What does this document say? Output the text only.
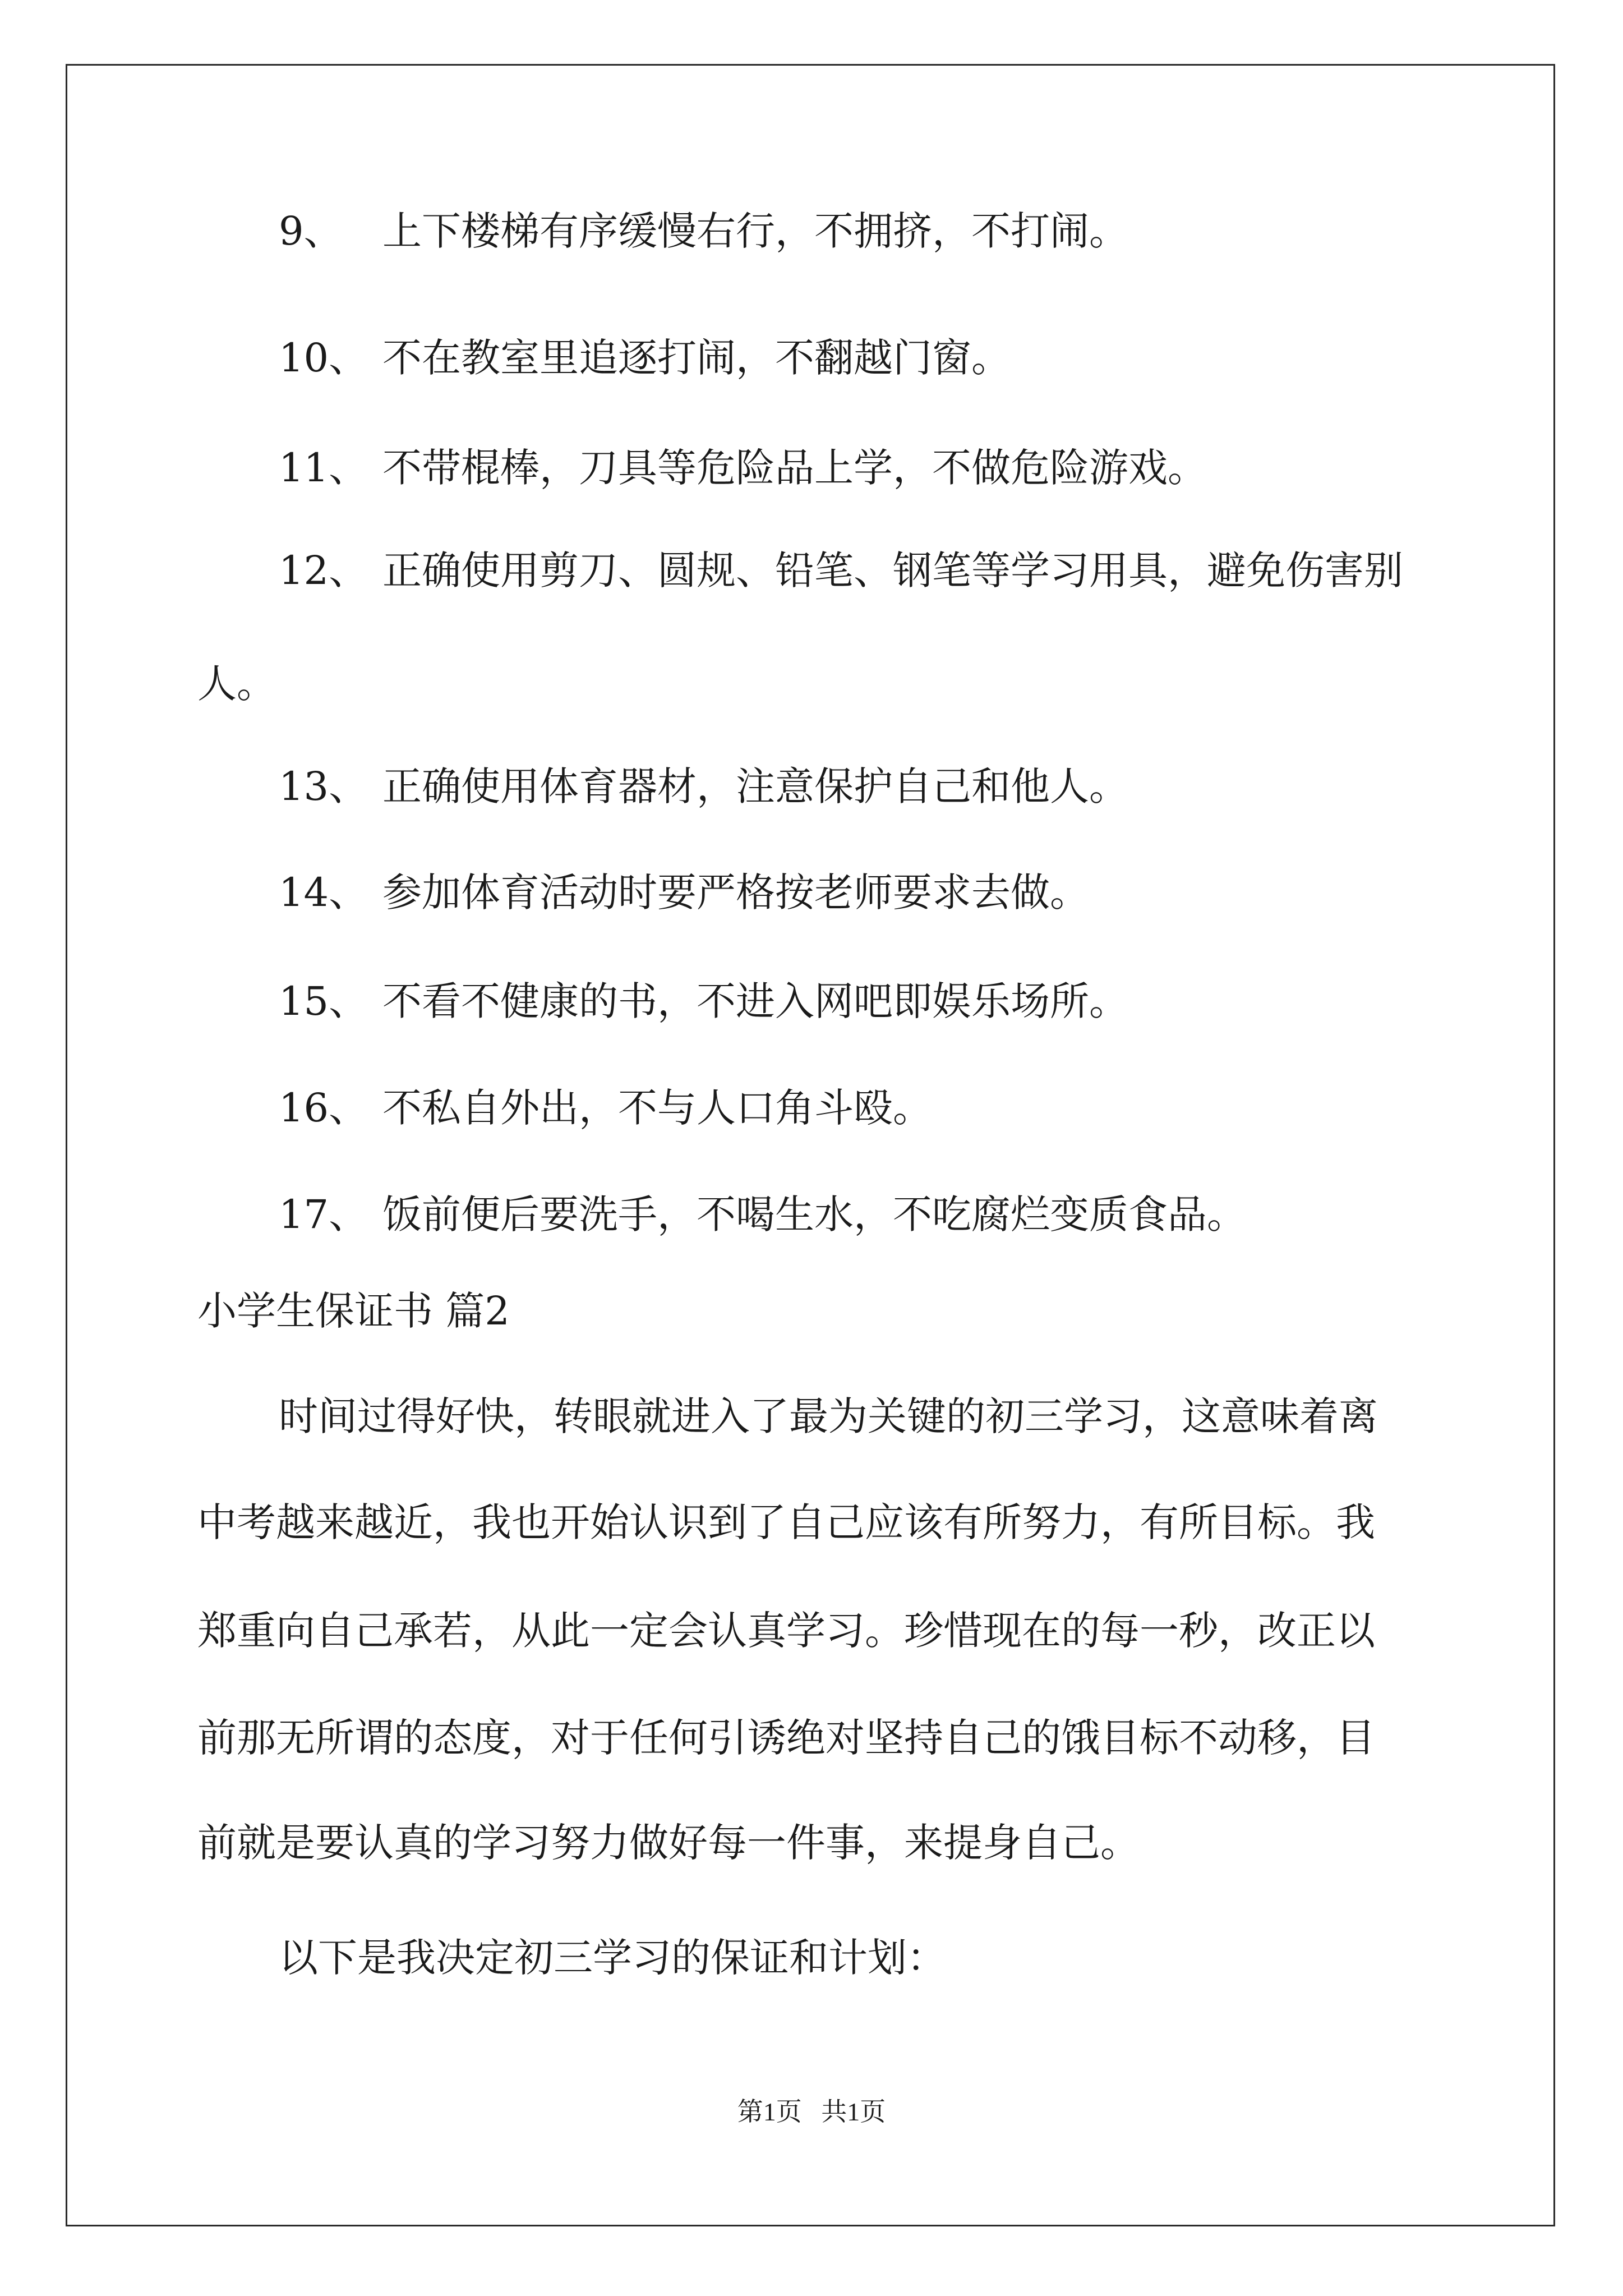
9、 上下楼梯有序缓慢右行，不拥挤，不打闹。
10、 不在教室里追逐打闹，不翻越门窗。
11、 不带棍棒，刀具等危险品上学，不做危险游戏。
12、 正确使用剪刀、圆规、铅笔、钢笔等学习用具，避免伤害别
人。
13、 正确使用体育器材，注意保护自己和他人。
14、 参加体育活动时要严格按老师要求去做。
15、 不看不健康的书，不进入网吧即娱乐场所。
16、 不私自外出，不与人口角斗殴。
17、 饭前便后要洗手，不喝生水，不吃腐烂变质食品。
小学生保证书 篇2
时间过得好快，转眼就进入了最为关键的初三学习，这意味着离
中考越来越近，我也开始认识到了自己应该有所努力，有所目标。我
郑重向自己承若，从此一定会认真学习。珍惜现在的每一秒，改正以
前那无所谓的态度，对于任何引诱绝对坚持自己的饿目标不动移，目
前就是要认真的学习努力做好每一件事，来提身自己。
以下是我决定初三学习的保证和计划：
第1页   共1页
